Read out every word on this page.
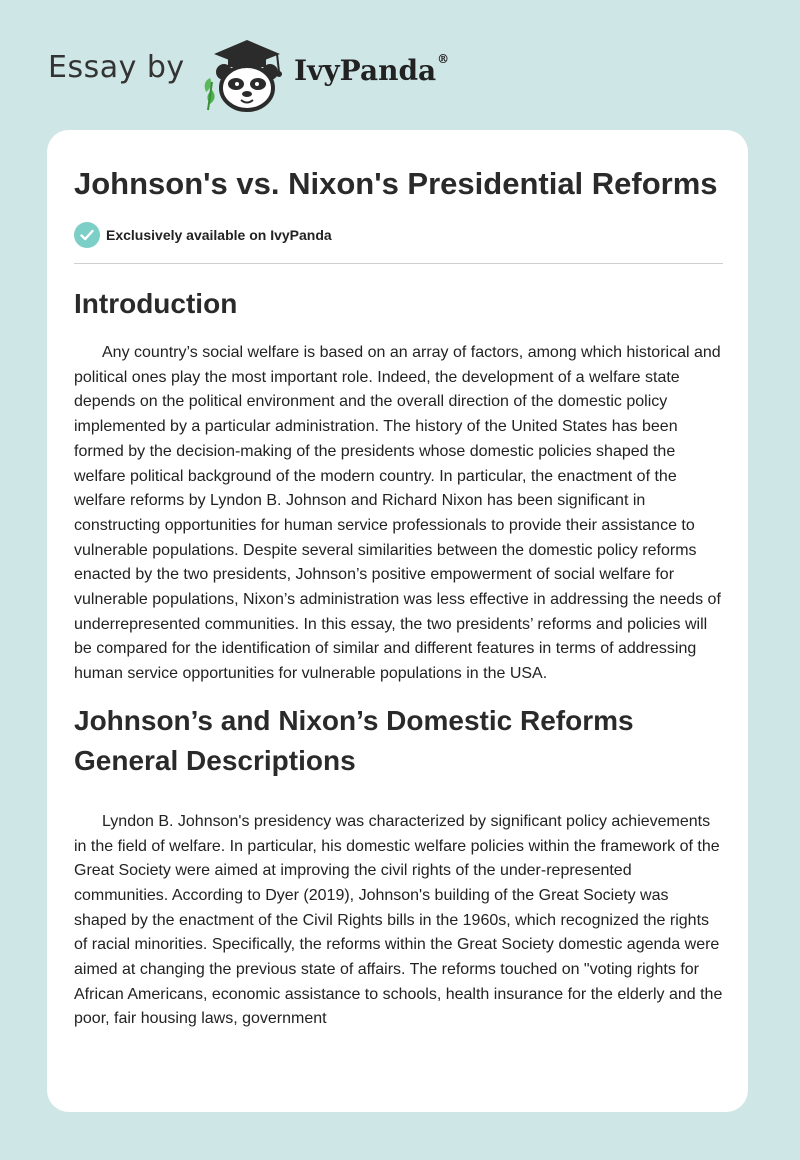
Essay by	IvyPanda®
Johnson's vs. Nixon's Presidential Reforms
Exclusively available on IvyPanda
Introduction

Any country’s social welfare is based on an array of factors, among which historical and political ones play the most important role. Indeed, the development of a welfare state depends on the political environment and the overall direction of the domestic policy implemented by a particular administration. The history of the United States has been formed by the decision-making of the presidents whose domestic policies shaped the welfare political background of the modern country. In particular, the enactment of the welfare reforms by Lyndon B. Johnson and Richard Nixon has been significant in constructing opportunities for human service professionals to provide their assistance to vulnerable populations. Despite several similarities between the domestic policy reforms enacted by the two presidents, Johnson’s positive empowerment of social welfare for vulnerable populations, Nixon’s administration was less effective in addressing the needs of underrepresented communities. In this essay, the two presidents’ reforms and policies will be compared for the identification of similar and different features in terms of addressing human service opportunities for vulnerable populations in the USA.

Johnson’s and Nixon’s Domestic Reforms General Descriptions

Lyndon B. Johnson's presidency was characterized by significant policy achievements in the field of welfare. In particular, his domestic welfare policies within the framework of the Great Society were aimed at improving the civil rights of the under-represented communities. According to Dyer (2019), Johnson's building of the Great Society was shaped by the enactment of the Civil Rights bills in the 1960s, which recognized the rights of racial minorities. Specifically, the reforms within the Great Society domestic agenda were aimed at changing the previous state of affairs. The reforms touched on "voting rights for African Americans, economic assistance to schools, health insurance for the elderly and the poor, fair housing laws, government
